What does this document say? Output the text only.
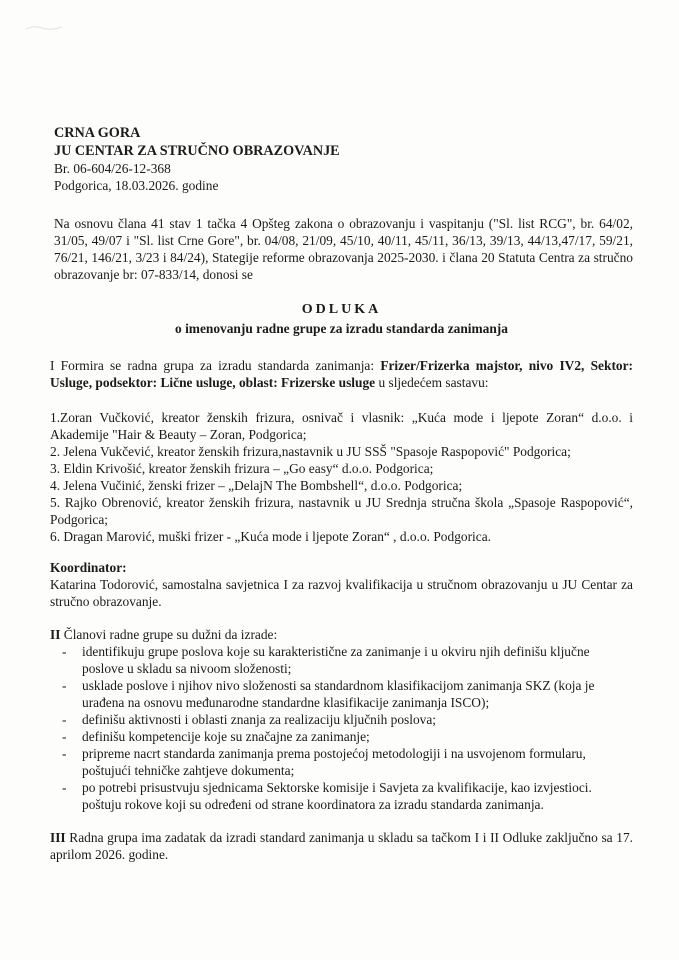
CRNA GORA
JU CENTAR ZA STRUČNO OBRAZOVANJE
Br. 06-604/26-12-368
Podgorica, 18.03.2026. godine

Na osnovu člana 41 stav 1 tačka 4 Opšteg zakona o obrazovanju i vaspitanju ("Sl. list RCG", br. 64/02, 31/05, 49/07 i "Sl. list Crne Gore", br. 04/08, 21/09, 45/10, 40/11, 45/11, 36/13, 39/13, 44/13,47/17, 59/21, 76/21, 146/21, 3/23 i 84/24), Stategije reforme obrazovanja 2025-2030. i člana 20 Statuta Centra za stručno obrazovanje br: 07-833/14, donosi se

ODLUKA
o imenovanju radne grupe za izradu standarda zanimanja

I Formira se radna grupa za izradu standarda zanimanja: Frizer/Frizerka majstor, nivo IV2, Sektor: Usluge, podsektor: Lične usluge, oblast: Frizerske usluge u sljedećem sastavu:

1.Zoran Vučković, kreator ženskih frizura, osnivač i vlasnik: „Kuća mode i ljepote Zoran“ d.o.o. i Akademije "Hair & Beauty – Zoran, Podgorica;

2. Jelena Vukčević, kreator ženskih frizura,nastavnik u JU SSŠ "Spasoje Raspopović" Podgorica;

3. Eldin Krivošić, kreator ženskih frizura – „Go easy“ d.o.o. Podgorica;

4. Jelena Vučinić, ženski frizer – „DelajN The Bombshell“, d.o.o. Podgorica;

5. Rajko Obrenović, kreator ženskih frizura, nastavnik u JU Srednja stručna škola „Spasoje Raspopović“, Podgorica;

6. Dragan Marović, muški frizer - „Kuća mode i ljepote Zoran“ , d.o.o. Podgorica.

Koordinator:

Katarina Todorović, samostalna savjetnica I za razvoj kvalifikacija u stručnom obrazovanju u JU Centar za stručno obrazovanje.

II Članovi radne grupe su dužni da izrade:

- identifikuju grupe poslova koje su karakteristične za zanimanje i u okviru njih definišu ključne poslove u skladu sa nivoom složenosti;
- usklade poslove i njihov nivo složenosti sa standardnom klasifikacijom zanimanja SKZ (koja je urađena na osnovu međunarodne standardne klasifikacije zanimanja ISCO);
- definišu aktivnosti i oblasti znanja za realizaciju ključnih poslova;
- definišu kompetencije koje su značajne za zanimanje;
- pripreme nacrt standarda zanimanja prema postojećoj metodologiji i na usvojenom formularu, poštujući tehničke zahtjeve dokumenta;
- po potrebi prisustvuju sjednicama Sektorske komisije i Savjeta za kvalifikacije, kao izvjestioci. poštuju rokove koji su određeni od strane koordinatora za izradu standarda zanimanja.

III Radna grupa ima zadatak da izradi standard zanimanja u skladu sa tačkom I i II Odluke zaključno sa 17. aprilom 2026. godine.
